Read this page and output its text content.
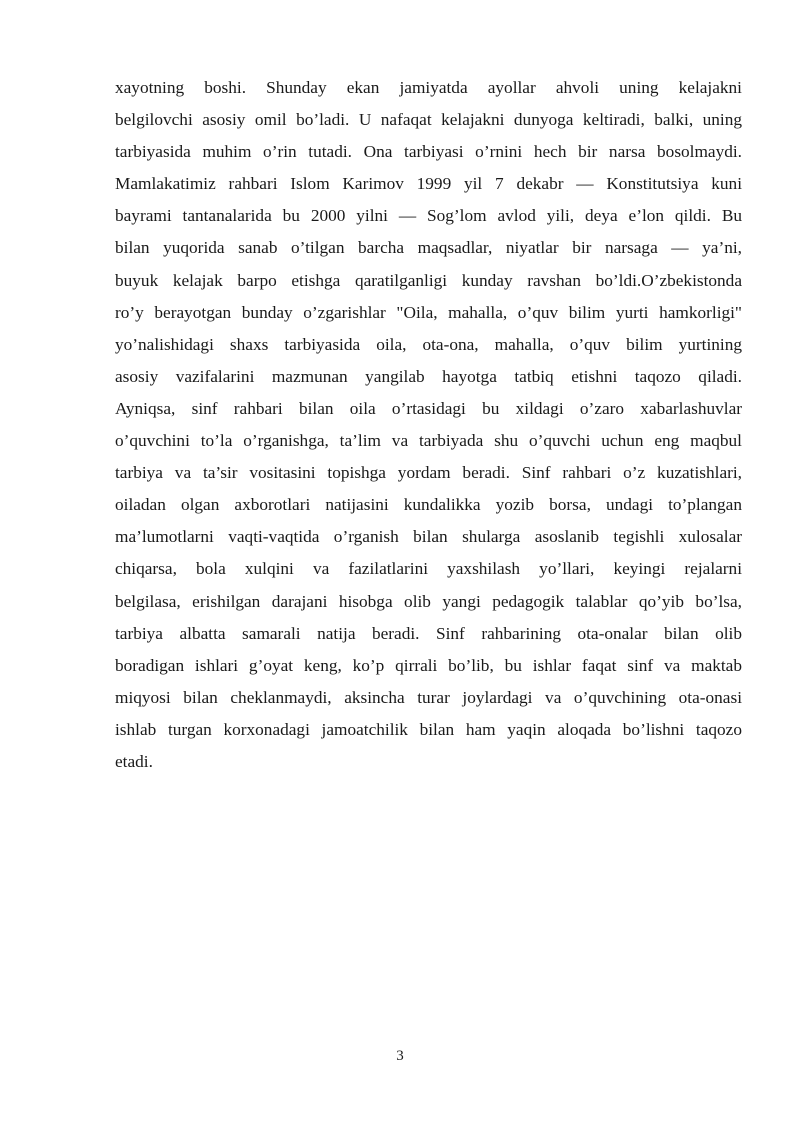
xayotning boshi. Shunday ekan jamiyatda ayollar ahvoli uning kelajakni
belgilovchi asosiy omil bo’ladi. U nafaqat kelajakni dunyoga keltiradi, balki, uning
tarbiyasida muhim o’rin tutadi. Ona tarbiyasi o’rnini hech bir narsa bosolmaydi.
Mamlakatimiz rahbari Islom Karimov 1999 yil 7 dekabr — Konstitutsiya kuni
bayrami tantanalarida bu 2000 yilni — Sog’lom avlod yili, deya e’lon qildi. Bu
bilan yuqorida sanab o’tilgan barcha maqsadlar, niyatlar bir narsaga — ya’ni,
buyuk kelajak barpo etishga qaratilganligi kunday ravshan bo’ldi.O’zbekistonda
ro’y berayotgan bunday o’zgarishlar "Oila, mahalla, o’quv bilim yurti hamkorligi"
yo’nalishidagi shaxs tarbiyasida oila, ota-ona, mahalla, o’quv bilim yurtining
asosiy vazifalarini mazmunan yangilab hayotga tatbiq etishni taqozo qiladi.
Ayniqsa, sinf rahbari bilan oila o’rtasidagi bu xildagi o’zaro xabarlashuvlar
o’quvchini to’la o’rganishga, ta’lim va tarbiyada shu o’quvchi uchun eng maqbul
tarbiya va ta’sir vositasini topishga yordam beradi. Sinf rahbari o’z kuzatishlari,
oiladan olgan axborotlari natijasini kundalikka yozib borsa, undagi to’plangan
ma’lumotlarni vaqti-vaqtida o’rganish bilan shularga asoslanib tegishli xulosalar
chiqarsa, bola xulqini va fazilatlarini yaxshilash yo’llari, keyingi rejalarni
belgilasa, erishilgan darajani hisobga olib yangi pedagogik talablar qo’yib bo’lsa,
tarbiya albatta samarali natija beradi. Sinf rahbarining ota-onalar bilan olib
boradigan ishlari g’oyat keng, ko’p qirrali bo’lib, bu ishlar faqat sinf va maktab
miqyosi bilan cheklanmaydi, aksincha turar joylardagi va o’quvchining ota-onasi
ishlab turgan korxonadagi jamoatchilik bilan ham yaqin aloqada bo’lishni taqozo
etadi.
3
